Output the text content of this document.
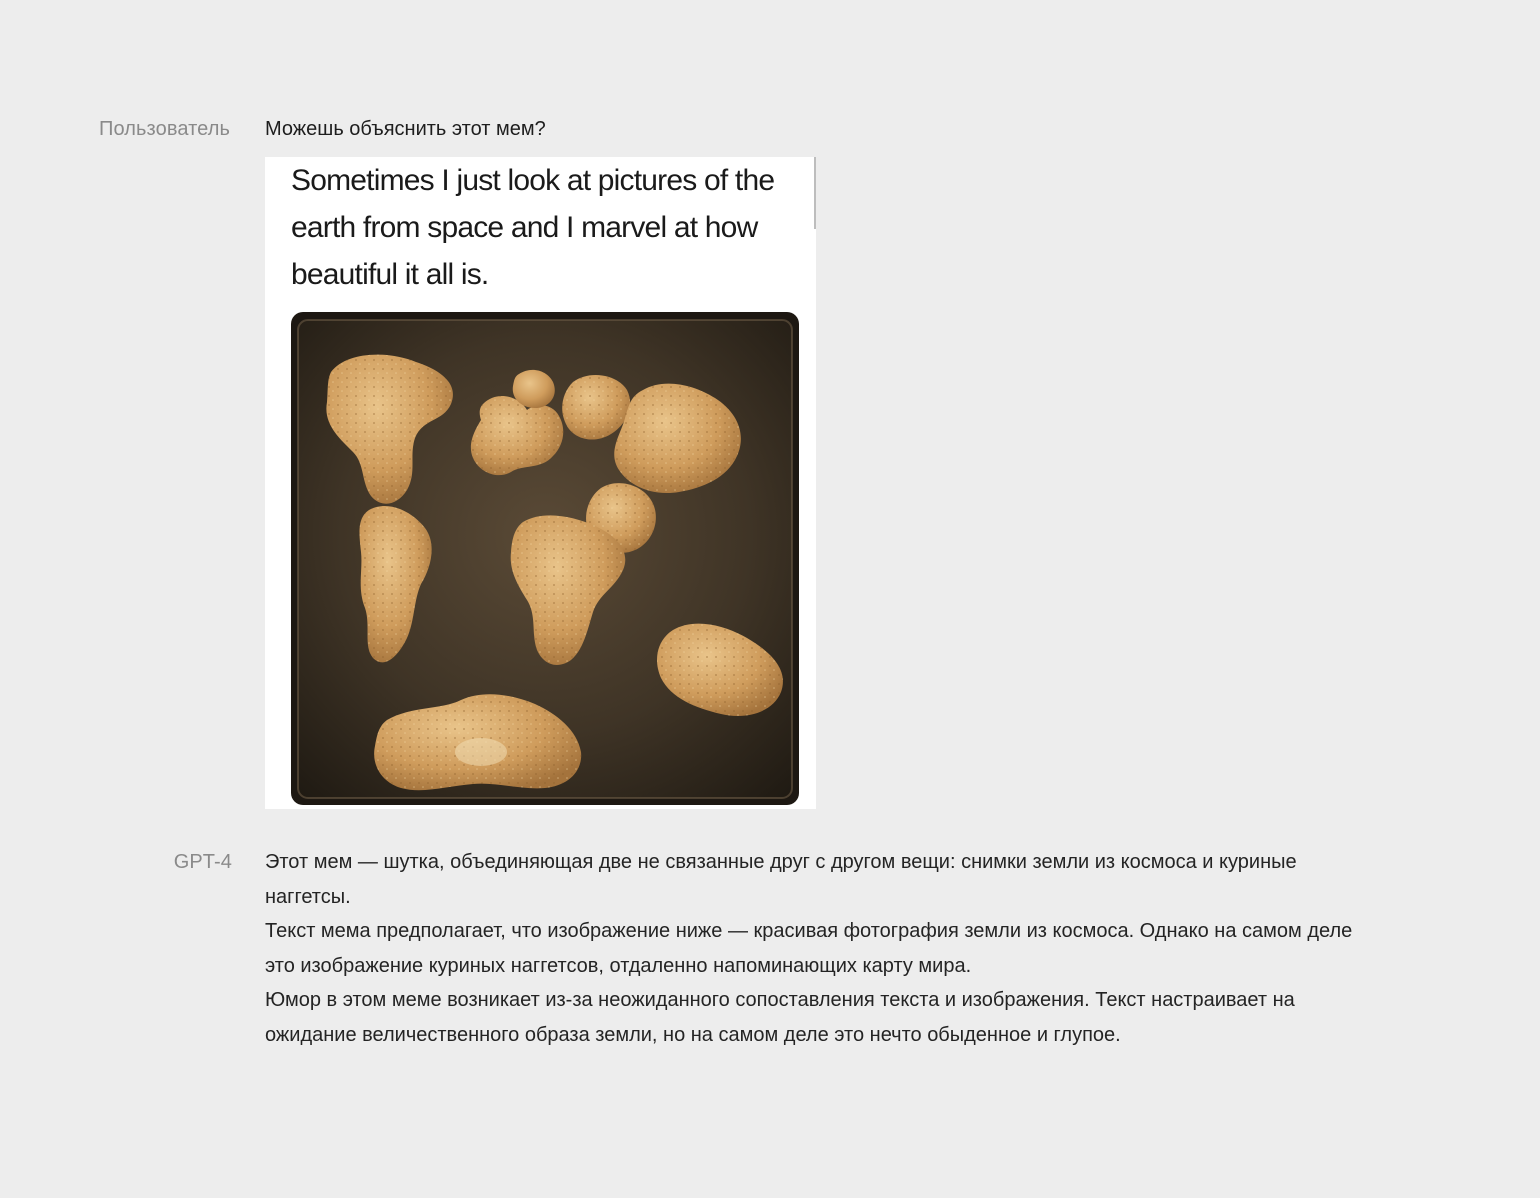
Пользователь Можешь объяснить этот мем?
Sometimes I just look at pictures of the earth from space and I marvel at how beautiful it all is.
GPT-4 Этот мем — шутка, объединяющая две не связанные друг с другом вещи: снимки земли из космоса и куриные наггетсы.

Текст мема предполагает, что изображение ниже — красивая фотография земли из космоса. Однако на самом деле это изображение куриных наггетсов, отдаленно напоминающих карту мира.

Юмор в этом меме возникает из-за неожиданного сопоставления текста и изображения. Текст настраивает на ожидание величественного образа земли, но на самом деле это нечто обыденное и глупое.
